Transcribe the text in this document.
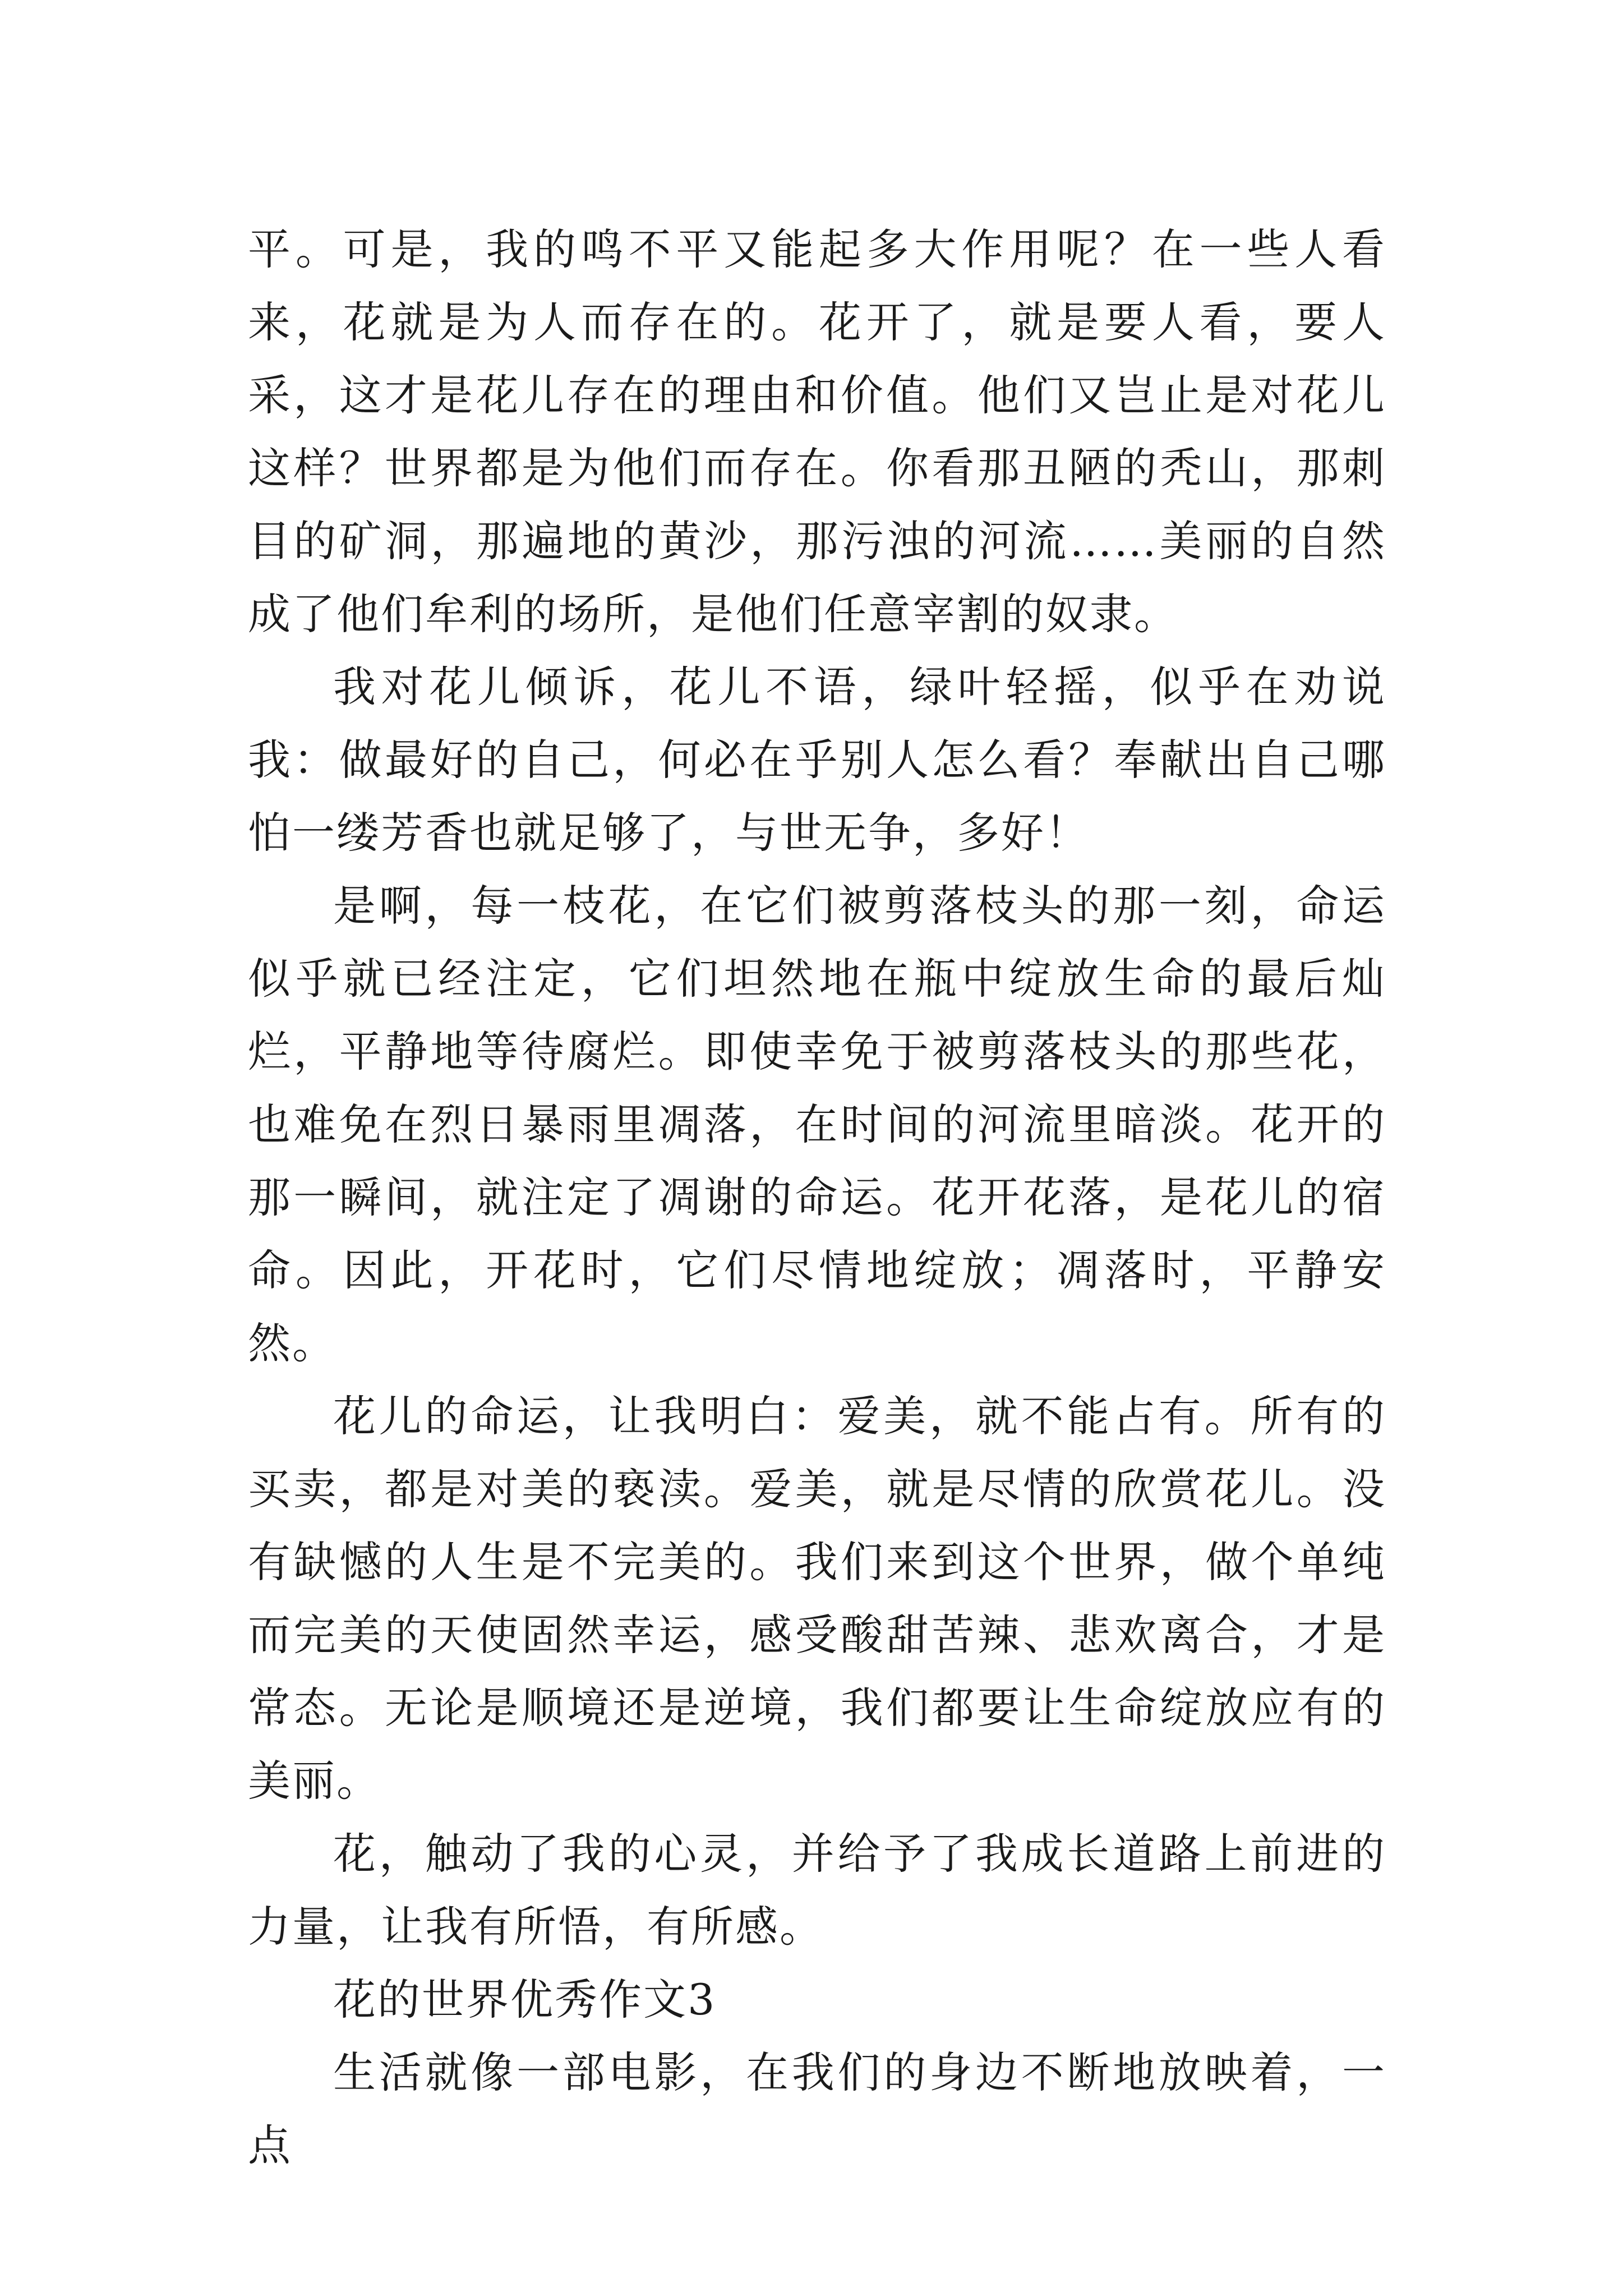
平。可是，我的鸣不平又能起多大作用呢？在一些人看来，花就是为人而存在的。花开了，就是要人看，要人采，这才是花儿存在的理由和价值。他们又岂止是对花儿这样？世界都是为他们而存在。你看那丑陋的秃山，那刺目的矿洞，那遍地的黄沙，那污浊的河流……美丽的自然成了他们牟利的场所，是他们任意宰割的奴隶。

我对花儿倾诉，花儿不语，绿叶轻摇，似乎在劝说我：做最好的自己，何必在乎别人怎么看？奉献出自己哪怕一缕芳香也就足够了，与世无争，多好！

是啊，每一枝花，在它们被剪落枝头的那一刻，命运似乎就已经注定，它们坦然地在瓶中绽放生命的最后灿烂，平静地等待腐烂。即使幸免于被剪落枝头的那些花，也难免在烈日暴雨里凋落，在时间的河流里暗淡。花开的那一瞬间，就注定了凋谢的命运。花开花落，是花儿的宿命。因此，开花时，它们尽情地绽放；凋落时，平静安然。

花儿的命运，让我明白：爱美，就不能占有。所有的买卖，都是对美的亵渎。爱美，就是尽情的欣赏花儿。没有缺憾的人生是不完美的。我们来到这个世界，做个单纯而完美的天使固然幸运，感受酸甜苦辣、悲欢离合，才是常态。无论是顺境还是逆境，我们都要让生命绽放应有的美丽。

花，触动了我的心灵，并给予了我成长道路上前进的力量，让我有所悟，有所感。

花的世界优秀作文3

生活就像一部电影，在我们的身边不断地放映着，一点
